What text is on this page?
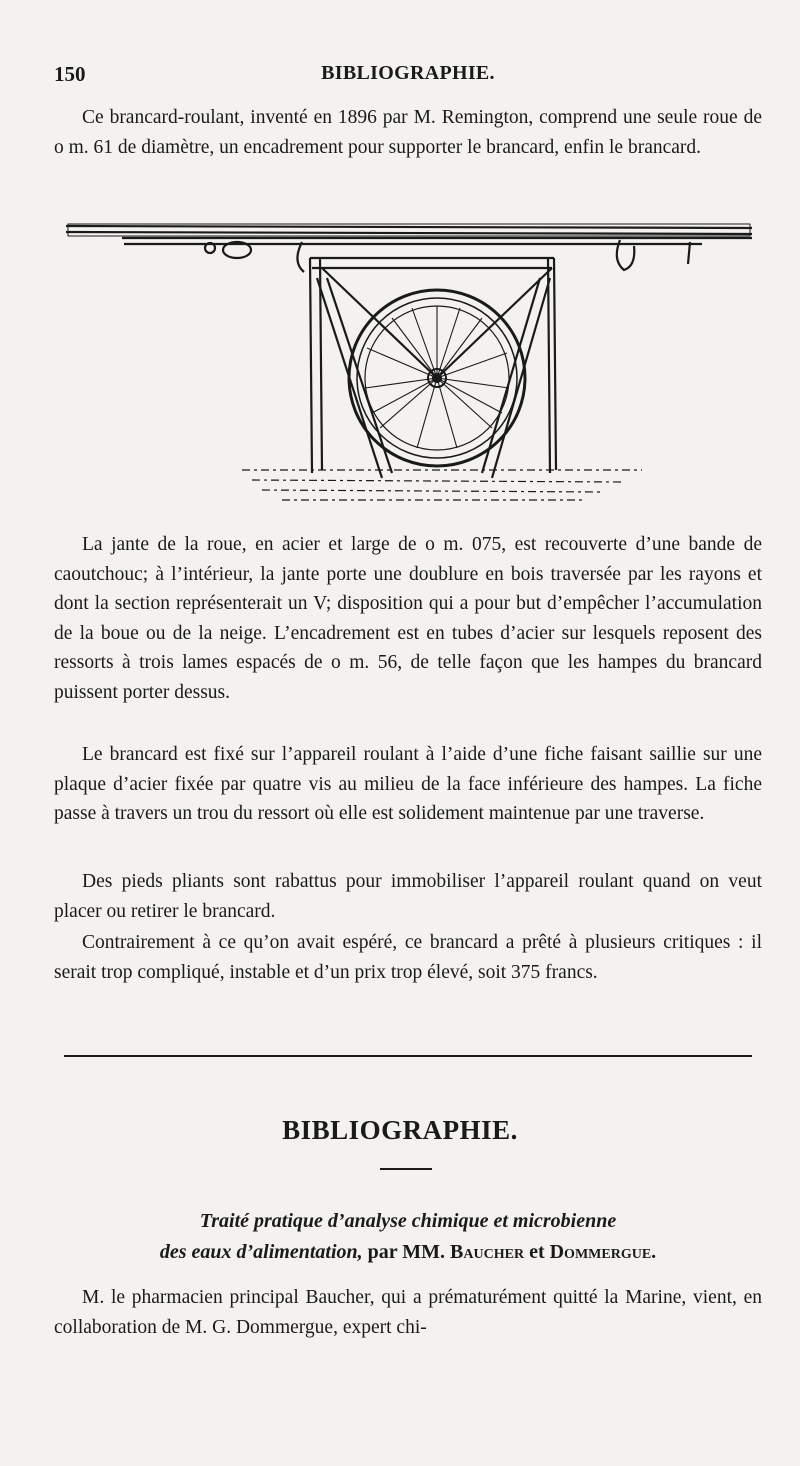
150	BIBLIOGRAPHIE.

Ce brancard-roulant, inventé en 1896 par M. Remington, comprend une seule roue de o m. 61 de diamètre, un encadrement pour supporter le brancard, enfin le brancard.

La jante de la roue, en acier et large de o m. 075, est recouverte d’une bande de caoutchouc; à l’intérieur, la jante porte une doublure en bois traversée par les rayons et dont la section représenterait un V; disposition qui a pour but d’empêcher l’accumulation de la boue ou de la neige. L’encadrement est en tubes d’acier sur lesquels reposent des ressorts à trois lames espacés de o m. 56, de telle façon que les hampes du brancard puissent porter dessus.

Le brancard est fixé sur l’appareil roulant à l’aide d’une fiche faisant saillie sur une plaque d’acier fixée par quatre vis au milieu de la face inférieure des hampes. La fiche passe à travers un trou du ressort où elle est solidement maintenue par une traverse.

Des pieds pliants sont rabattus pour immobiliser l’appareil roulant quand on veut placer ou retirer le brancard.

Contrairement à ce qu’on avait espéré, ce brancard a prêté à plusieurs critiques : il serait trop compliqué, instable et d’un prix trop élevé, soit 375 francs.

BIBLIOGRAPHIE.
Traité pratique d’analyse chimique et microbienne
des eaux d’alimentation, par MM. Baucher et Dommergue.

M. le pharmacien principal Baucher, qui a prématurément quitté la Marine, vient, en collaboration de M. G. Dommergue, expert chi-
